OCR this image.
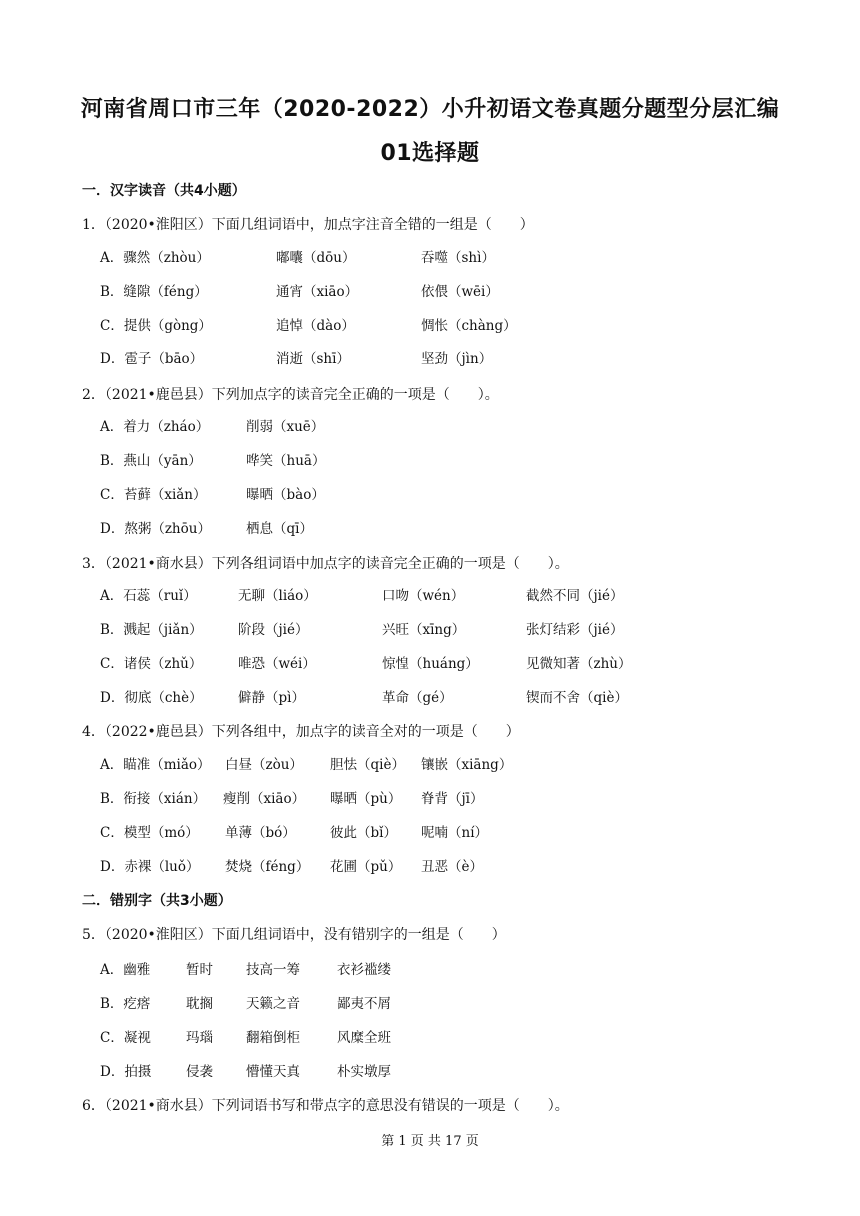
河南省周口市三年（2020-2022）小升初语文卷真题分题型分层汇编
01选择题
一．汉字读音（共4小题）
1．（2020•淮阳区）下面几组词语中，加点字注音全错的一组是（　　）
A．骤然（zhòu）	嘟囔（dōu）	吞噬（shì）
B．缝隙（féng）	通宵（xiāo）	依偎（wēi）
C．提供（gòng）	追悼（dào）	惆怅（chàng）
D．雹子（bāo）	消逝（shī）	坚劲（jìn）
2．（2021•鹿邑县）下列加点字的读音完全正确的一项是（　　）。
A．着力（zháo）	削弱（xuē）
B．燕山（yān）	哗笑（huā）
C．苔藓（xiǎn）	曝晒（bào）
D．熬粥（zhōu）	栖息（qī）
3．（2021•商水县）下列各组词语中加点字的读音完全正确的一项是（　　）。
A．石蕊（ruǐ）	无聊（liáo）	口吻（wén）	截然不同（jié）
B．溅起（jiǎn）	阶段（jié）	兴旺（xīng）	张灯结彩（jié）
C．诸侯（zhǔ）	唯恐（wéi）	惊惶（huáng）	见微知著（zhù）
D．彻底（chè）	僻静（pì）	革命（gé）	锲而不舍（qiè）
4．（2022•鹿邑县）下列各组中，加点字的读音全对的一项是（　　）
A．瞄准（miǎo） 白昼（zòu） 胆怯（qiè） 镶嵌（xiāng）
B．衔接（xián） 瘦削（xiāo） 曝晒（pù） 脊背（jī）
C．模型（mó） 单薄（bó）	彼此（bǐ） 呢喃（ní）
D．赤裸（luǒ） 焚烧（féng） 花圃（pǔ） 丑恶（è）
二．错别字（共3小题）
5．（2020•淮阳区）下面几组词语中，没有错别字的一组是（　　）
A．幽雅	暂时 技高一筹	衣衫褴缕
B．疙瘩	耽搁 天籁之音	鄙夷不屑
C．凝视	玛瑙 翻箱倒柜	风糜全班
D．拍摄	侵袭 懵懂天真	朴实墩厚
6．（2021•商水县）下列词语书写和带点字的意思没有错误的一项是（　　）。
第 1 页 共 17 页
